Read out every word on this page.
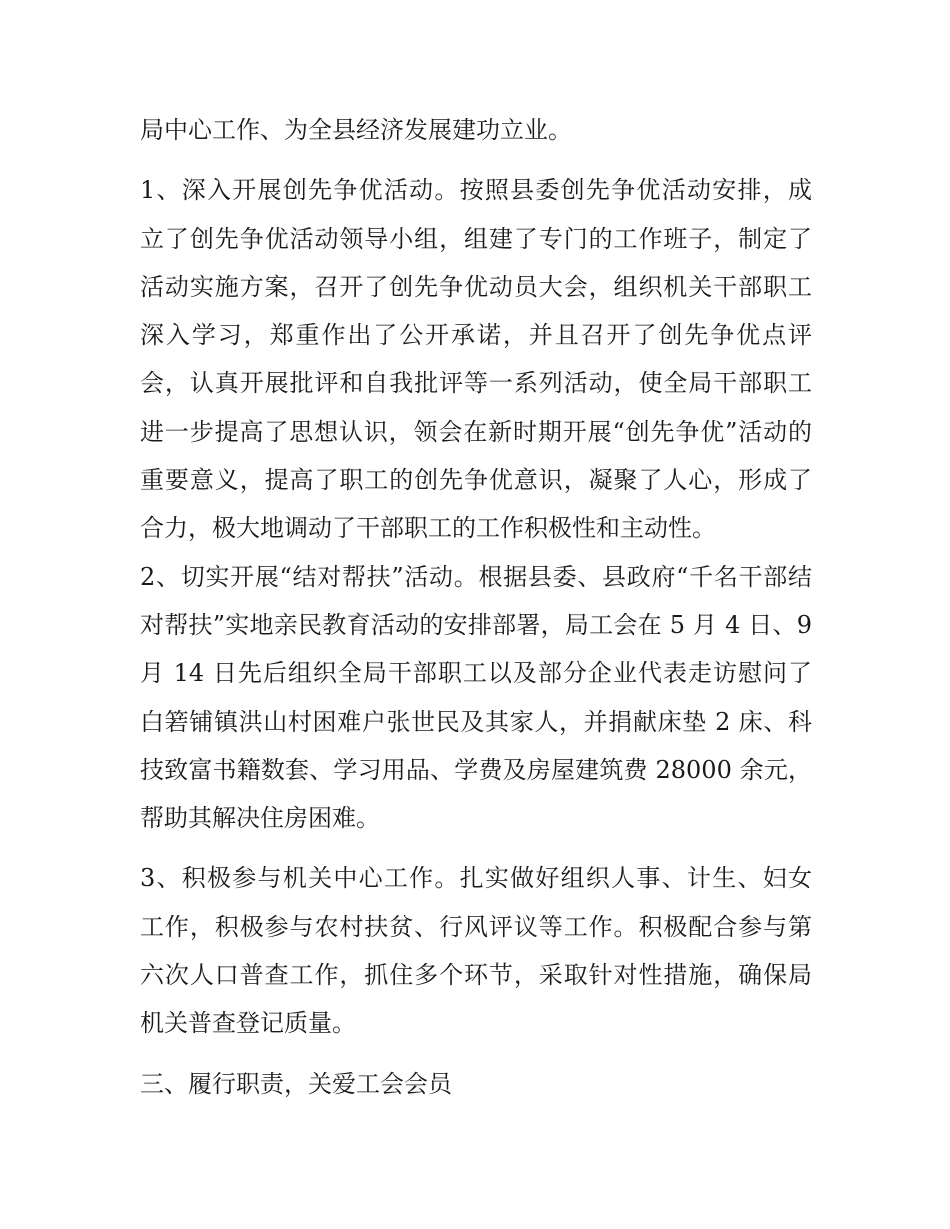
局中心工作、为全县经济发展建功立业。
1、深入开展创先争优活动。按照县委创先争优活动安排，成
立了创先争优活动领导小组，组建了专门的工作班子，制定了
活动实施方案，召开了创先争优动员大会，组织机关干部职工
深入学习，郑重作出了公开承诺，并且召开了创先争优点评
会，认真开展批评和自我批评等一系列活动，使全局干部职工
进一步提高了思想认识，领会在新时期开展“创先争优”活动的
重要意义，提高了职工的创先争优意识，凝聚了人心，形成了
合力，极大地调动了干部职工的工作积极性和主动性。
2、切实开展“结对帮扶”活动。根据县委、县政府“千名干部结
对帮扶”实地亲民教育活动的安排部署，局工会在 5 月 4 日、9
月 14 日先后组织全局干部职工以及部分企业代表走访慰问了
白箬铺镇洪山村困难户张世民及其家人，并捐献床垫 2 床、科
技致富书籍数套、学习用品、学费及房屋建筑费 28000 余元，
帮助其解决住房困难。
3、积极参与机关中心工作。扎实做好组织人事、计生、妇女
工作，积极参与农村扶贫、行风评议等工作。积极配合参与第
六次人口普查工作，抓住多个环节，采取针对性措施，确保局
机关普查登记质量。
三、履行职责，关爱工会会员
